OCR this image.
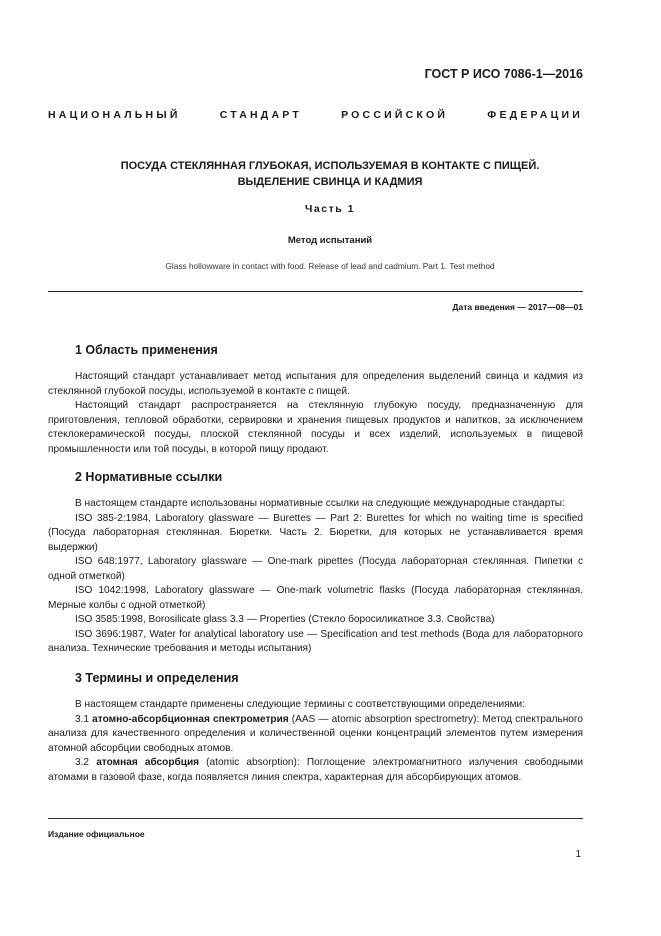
ГОСТ Р ИСО 7086-1—2016
НАЦИОНАЛЬНЫЙ	СТАНДАРТ	РОССИЙСКОЙ	ФЕДЕРАЦИИ
ПОСУДА СТЕКЛЯННАЯ ГЛУБОКАЯ, ИСПОЛЬЗУЕМАЯ В КОНТАКТЕ С ПИЩЕЙ.
ВЫДЕЛЕНИЕ СВИНЦА И КАДМИЯ
Часть 1
Метод испытаний
Glass hollowware in contact with food. Release of lead and cadmium. Part 1. Test method
Дата введения — 2017—08—01
1 Область применения

Настоящий стандарт устанавливает метод испытания для определения выделений свинца и кадмия из стеклянной глубокой посуды, используемой в контакте с пищей.

Настоящий стандарт распространяется на стеклянную глубокую посуду, предназначенную для приготовления, тепловой обработки, сервировки и хранения пищевых продуктов и напитков, за исключением стеклокерамической посуды, плоской стеклянной посуды и всех изделий, используемых в пищевой промышленности или той посуды, в которой пищу продают.

2 Нормативные ссылки

В настоящем стандарте использованы нормативные ссылки на следующие международные стандарты:

ISO 385-2:1984, Laboratory glassware — Burettes — Part 2: Burettes for which no waiting time is specified (Посуда лабораторная стеклянная. Бюретки. Часть 2. Бюретки, для которых не устанавливается время выдержки)

ISO 648:1977, Laboratory glassware — One-mark pipettes (Посуда лабораторная стеклянная. Пипетки с одной отметкой)

ISO 1042:1998, Laboratory glassware — One-mark volumetric flasks (Посуда лабораторная стеклянная. Мерные колбы с одной отметкой)

ISO 3585:1998, Borosilicate glass 3.3 — Properties (Стекло боросиликатное 3.3. Свойства)

ISO 3696:1987, Water for analytical laboratory use — Specification and test methods (Вода для лабораторного анализа. Технические требования и методы испытания)

3 Термины и определения

В настоящем стандарте применены следующие термины с соответствующими определениями:

3.1 атомно-абсорбционная спектрометрия (AAS — atomic absorption spectrometry): Метод спектрального анализа для качественного определения и количественной оценки концентраций элементов путем измерения атомной абсорбции свободных атомов.

3.2 атомная абсорбция (atomic absorption): Поглощение электромагнитного излучения свободными атомами в газовой фазе, когда появляется линия спектра, характерная для абсорбирующих атомов.

Издание официальное
1
